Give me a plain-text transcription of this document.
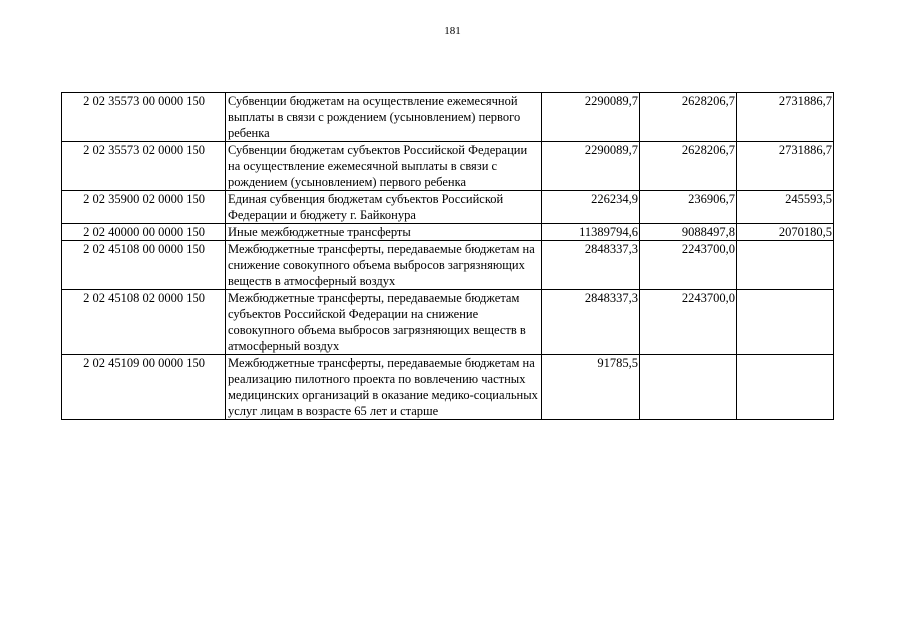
181
2 02 35573 00 0000 150	Субвенции бюджетам на осуществление ежемесячной выплаты в связи с рождением (усыновлением) первого ребенка	2290089,7	2628206,7	2731886,7
2 02 35573 02 0000 150	Субвенции бюджетам субъектов Российской Федерации на осуществление ежемесячной выплаты в связи с рождением (усыновлением) первого ребенка	2290089,7	2628206,7	2731886,7
2 02 35900 02 0000 150	Единая субвенция бюджетам субъектов Российской Федерации и бюджету г. Байконура	226234,9	236906,7	245593,5
2 02 40000 00 0000 150	Иные межбюджетные трансферты	11389794,6	9088497,8	2070180,5
2 02 45108 00 0000 150	Межбюджетные трансферты, передаваемые бюджетам на снижение совокупного объема выбросов загрязняющих веществ в атмосферный воздух	2848337,3	2243700,0	
2 02 45108 02 0000 150	Межбюджетные трансферты, передаваемые бюджетам субъектов Российской Федерации на снижение совокупного объема выбросов загрязняющих веществ в атмосферный воздух	2848337,3	2243700,0	
2 02 45109 00 0000 150	Межбюджетные трансферты, передаваемые бюджетам на реализацию пилотного проекта по вовлечению частных медицинских организаций в оказание медико-социальных услуг лицам в возрасте 65 лет и старше	91785,5		
